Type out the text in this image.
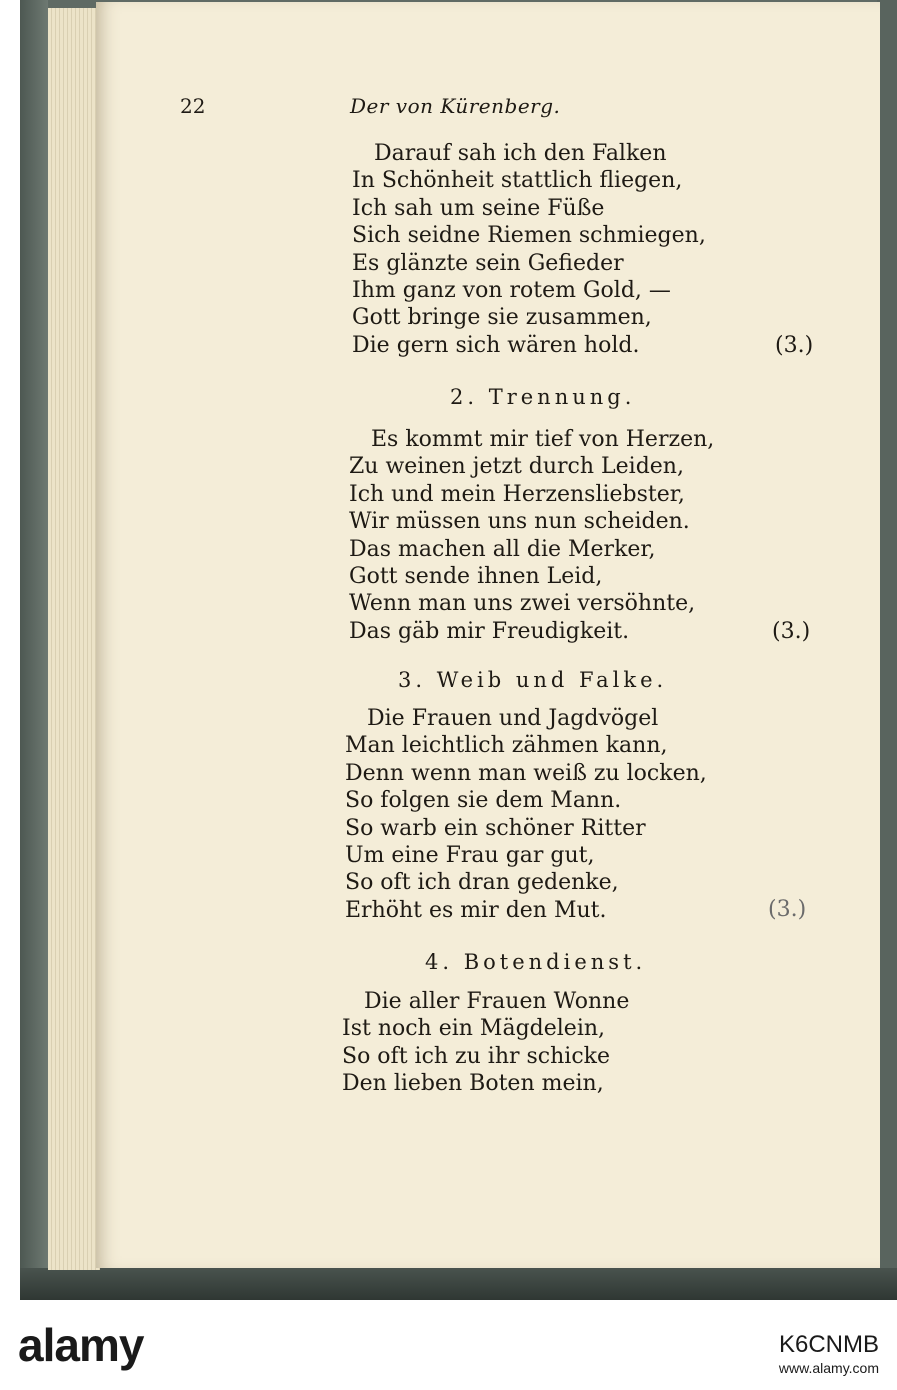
22	Der von Kürenberg.
Darauf sah ich den Falken
In Schönheit stattlich fliegen,
Ich sah um seine Füße
Sich seidne Riemen schmiegen,
Es glänzte sein Gefieder
Ihm ganz von rotem Gold, —
Gott bringe sie zusammen,
Die gern sich wären hold.	(3.)
2. Trennung.
Es kommt mir tief von Herzen,
Zu weinen jetzt durch Leiden,
Ich und mein Herzensliebster,
Wir müssen uns nun scheiden.
Das machen all die Merker,
Gott sende ihnen Leid,
Wenn man uns zwei versöhnte,
Das gäb mir Freudigkeit.	(3.)
3. Weib und Falke.
Die Frauen und Jagdvögel
Man leichtlich zähmen kann,
Denn wenn man weiß zu locken,
So folgen sie dem Mann.
So warb ein schöner Ritter
Um eine Frau gar gut,
So oft ich dran gedenke,
Erhöht es mir den Mut.	(3.)
4. Botendienst.
Die aller Frauen Wonne
Ist noch ein Mägdelein,
So oft ich zu ihr schicke
Den lieben Boten mein,
alamy	K6CNMB
www.alamy.com
